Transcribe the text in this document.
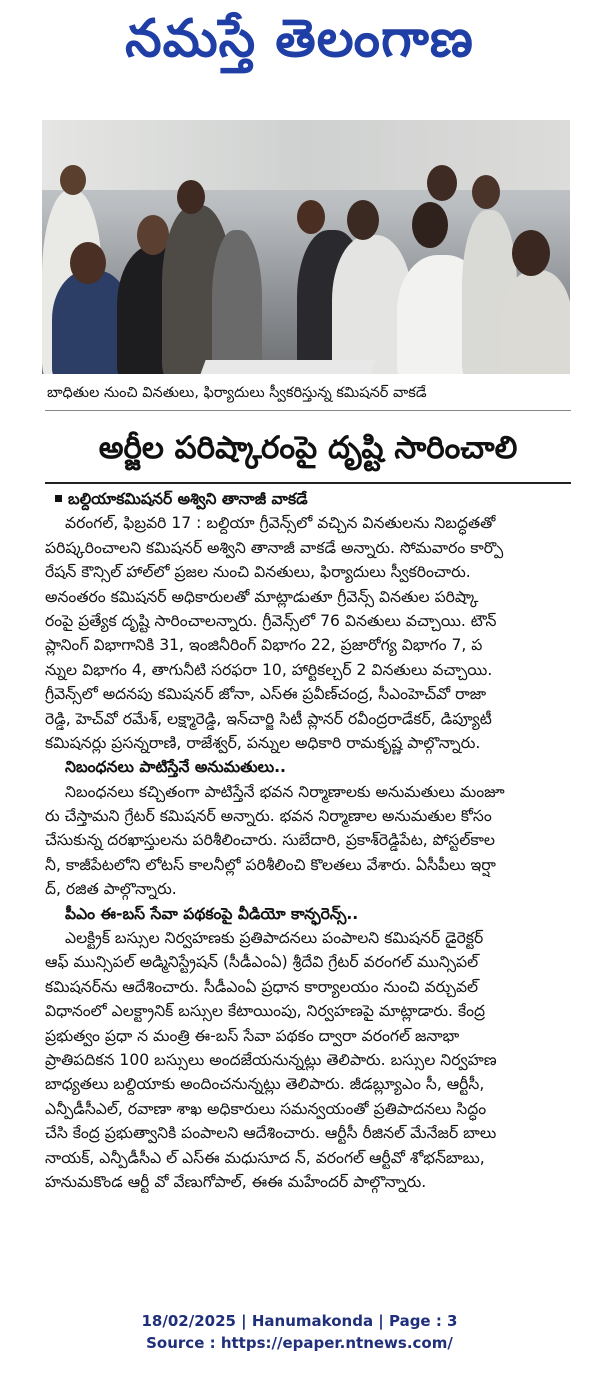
నమస్తే తెలంగాణ
బాధితుల నుంచి వినతులు, ఫిర్యాదులు స్వీకరిస్తున్న కమిషనర్ వాకడే
అర్జీల పరిష్కారంపై దృష్టి సారించాలి
బల్దియాకమిషనర్ అశ్విని తానాజీ వాకడే
వరంగల్, ఫిబ్రవరి 17 : బల్దియా గ్రీవెన్స్‌లో వచ్చిన వినతులను నిబద్ధతతో
పరిష్కరించాలని కమిషనర్ అశ్విని తానాజీ వాకడే అన్నారు. సోమవారం కార్పొ
రేషన్ కౌన్సిల్ హాల్‌లో ప్రజల నుంచి వినతులు, ఫిర్యాదులు స్వీకరించారు.
అనంతరం కమిషనర్ అధికారులతో మాట్లాడుతూ గ్రీవెన్స్ వినతుల పరిష్కా
రంపై ప్రత్యేక దృష్టి సారించాలన్నారు. గ్రీవెన్స్‌లో 76 వినతులు వచ్చాయి. టౌన్
ప్లానింగ్ విభాగానికి 31, ఇంజినీరింగ్ విభాగం 22, ప్రజారోగ్య విభాగం 7, ప
న్నుల విభాగం 4, తాగునీటి సరఫరా 10, హార్టికల్చర్ 2 వినతులు వచ్చాయి.
గ్రీవెన్స్‌లో అదనపు కమిషనర్ జోనా, ఎస్ఈ ప్రవీణ్‌చంద్ర, సీఎంహెచ్‌వో రాజా
రెడ్డి, హెచ్‌వో రమేశ్, లక్ష్మారెడ్డి, ఇన్‌చార్జి సిటీ ప్లానర్ రవీంద్రరాడేకర్, డిప్యూటీ
కమిషనర్లు ప్రసన్నరాణి, రాజేశ్వర్, పన్నుల అధికారి రామకృష్ణ పాల్గొన్నారు.
నిబంధనలు పాటిస్తేనే అనుమతులు..
నిబంధనలు కచ్చితంగా పాటిస్తేనే భవన నిర్మాణాలకు అనుమతులు మంజూ
రు చేస్తామని గ్రేటర్ కమిషనర్ అన్నారు. భవన నిర్మాణాల అనుమతుల కోసం
చేసుకున్న దరఖాస్తులను పరిశీలించారు. సుబేదారి, ప్రకాశ్‌రెడ్డిపేట, పోస్టల్‌కాల
నీ, కాజీపేటలోని లోటస్ కాలనీల్లో పరిశీలించి కొలతలు వేశారు. ఏసీపీలు ఇర్షా
ద్, రజిత పాల్గొన్నారు.
పీఎం ఈ-బస్ సేవా పథకంపై వీడియో కాన్ఫరెన్స్..
ఎలక్ట్రిక్ బస్సుల నిర్వహణకు ప్రతిపాదనలు పంపాలని కమిషనర్ డైరెక్టర్
ఆఫ్ మున్సిపల్ అడ్మినిస్ట్రేషన్ (సీడీఎంఏ) శ్రీదేవి గ్రేటర్ వరంగల్ మున్సిపల్
కమిషనర్‌ను ఆదేశించారు. సీడీఎంఏ ప్రధాన కార్యాలయం నుంచి వర్చువల్
విధానంలో ఎలక్ట్రానిక్ బస్సుల కేటాయింపు, నిర్వహణపై మాట్లాడారు. కేంద్ర
ప్రభుత్వం ప్రధా న మంత్రి ఈ-బస్ సేవా పథకం ద్వారా వరంగల్ జనాభా
ప్రాతిపదికన 100 బస్సులు అందజేయనున్నట్లు తెలిపారు. బస్సుల నిర్వహణ
బాధ్యతలు బల్దియాకు అందించనున్నట్లు తెలిపారు. జీడబ్ల్యూఎం సీ, ఆర్టీసీ,
ఎన్పీడీసీఎల్, రవాణా శాఖ అధికారులు సమన్వయంతో ప్రతిపాదనలు సిద్ధం
చేసి కేంద్ర ప్రభుత్వానికి పంపాలని ఆదేశించారు. ఆర్టీసీ రీజినల్ మేనేజర్ బాలు
నాయక్, ఎన్పీడీసీఎ ల్ ఎస్ఈ మధుసూద న్, వరంగల్ ఆర్టీవో శోభన్‌బాబు,
హనుమకొండ ఆర్టీ వో వేణుగోపాల్, ఈఈ మహేందర్ పాల్గొన్నారు.
18/02/2025 | Hanumakonda | Page : 3
Source : https://epaper.ntnews.com/
